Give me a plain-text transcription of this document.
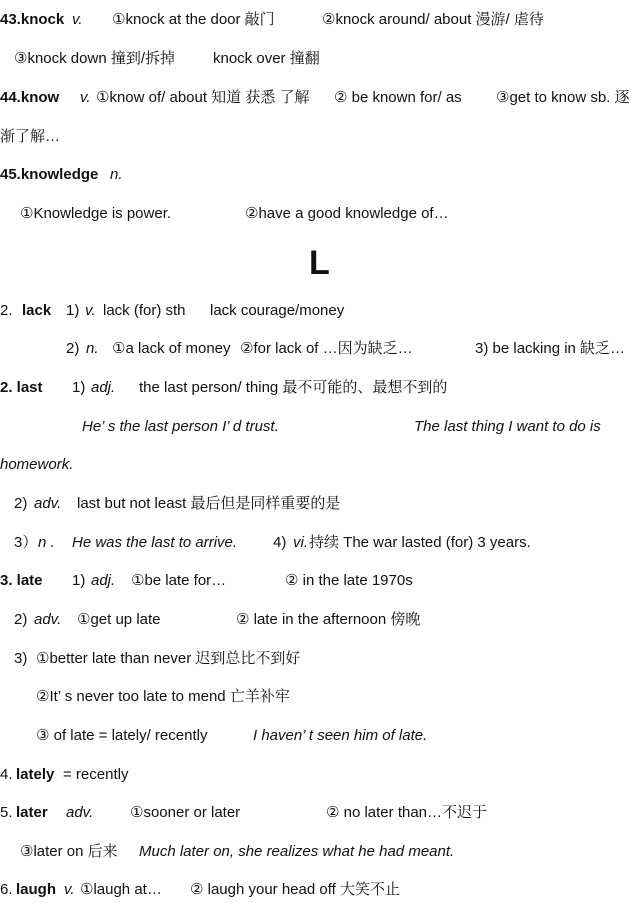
43.knock v. ①knock at the door 敲门	②knock around/ about 漫游/ 虐待
③knock down 撞到/拆掉	knock over 撞翻
44.know v. ①know of/ about 知道 获悉 了解 ② be known for/ as ③get to know sb. 逐
渐了解…
45.knowledge n.
①Knowledge is power.	②have a good knowledge of…
L
2. lack 1) v. lack (for) sth lack courage/money
2) n. ①a lack of money ②for lack of …因为缺乏…	3) be lacking in 缺乏…
2. last 1) adj. the last person/ thing 最不可能的、最想不到的
He’ s the last person I’ d trust.	The last thing I want to do is
homework.
2) adv. last but not least 最后但是同样重要的是
3） n . He was the last to arrive. 4) vi. 持续 The war lasted (for) 3 years.
3. late 1) adj. ①be late for…	② in the late 1970s
2) adv. ①get up late	② late in the afternoon 傍晚
3) ①better late than never 迟到总比不到好
②It’ s never too late to mend 亡羊补牢
③ of late = lately/ recently	I haven’ t seen him of late.
4. lately = recently
5. later adv. ①sooner or later	② no later than…不迟于
③later on 后来 Much later on, she realizes what he had meant.
6. laugh v. ①laugh at… ② laugh your head off 大笑不止
